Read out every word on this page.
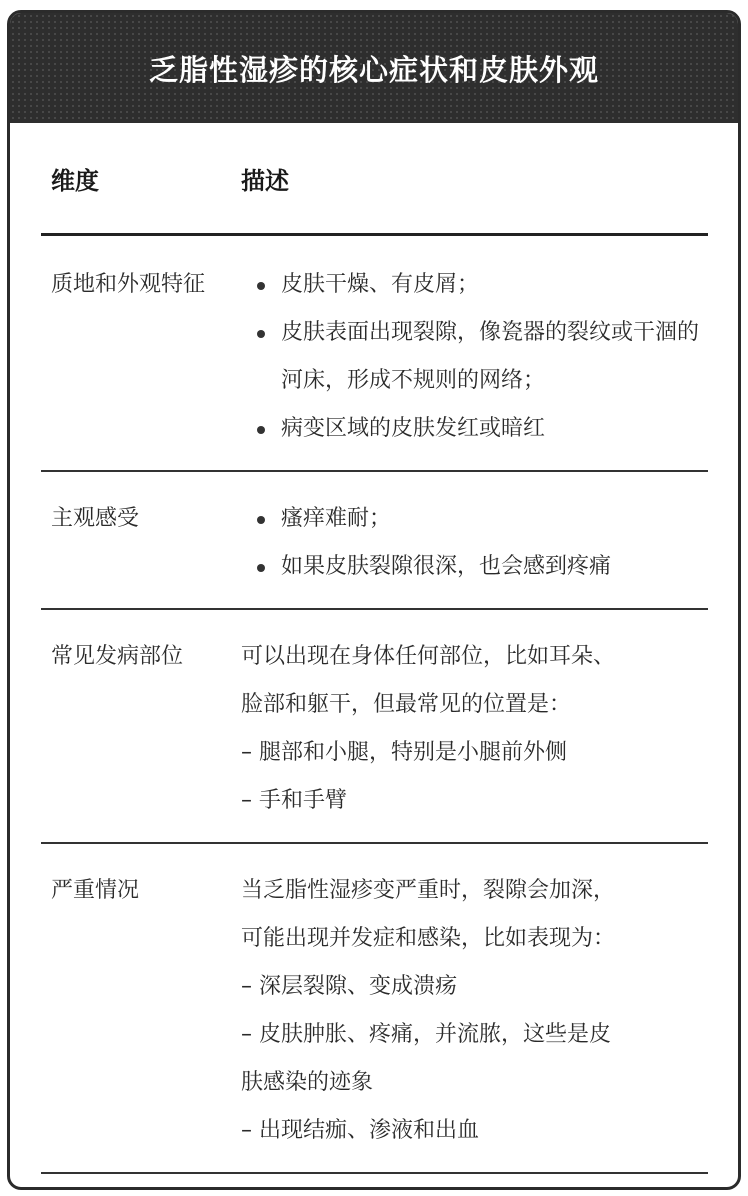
乏脂性湿疹的核心症状和皮肤外观
维度	描述
质地和外观特征	皮肤干燥、有皮屑；
皮肤表面出现裂隙，像瓷器的裂纹或干涸的河床，形成不规则的网络；
病变区域的皮肤发红或暗红
主观感受	瘙痒难耐；
如果皮肤裂隙很深，也会感到疼痛
常见发病部位	可以出现在身体任何部位，比如耳朵、
脸部和躯干，但最常见的位置是：
– 腿部和小腿，特别是小腿前外侧
– 手和手臂
严重情况	当乏脂性湿疹变严重时，裂隙会加深，
可能出现并发症和感染，比如表现为：
– 深层裂隙、变成溃疡
– 皮肤肿胀、疼痛，并流脓，这些是皮
肤感染的迹象
– 出现结痂、渗液和出血
